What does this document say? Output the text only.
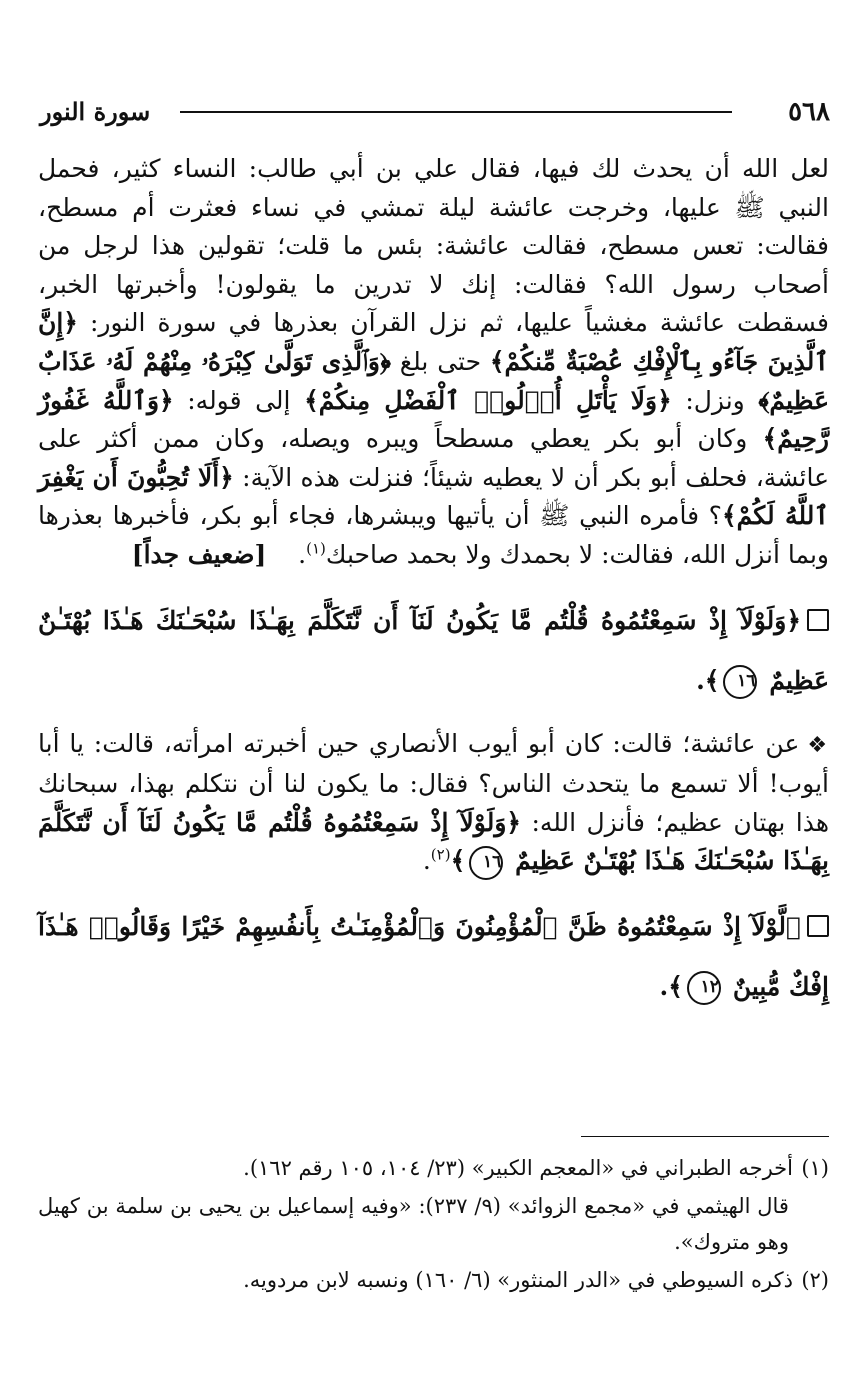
٥٦٨
سورة النور

لعل الله أن يحدث لك فيها، فقال علي بن أبي طالب: النساء كثير، فحمل النبي ﷺ عليها، وخرجت عائشة ليلة تمشي في نساء فعثرت أم مسطح، فقالت: تعس مسطح، فقالت عائشة: بئس ما قلت؛ تقولين هذا لرجل من أصحاب رسول الله؟ فقالت: إنك لا تدرين ما يقولون! وأخبرتها الخبر، فسقطت عائشة مغشياً عليها، ثم نزل القرآن بعذرها في سورة النور: ﴿إِنَّ ٱلَّذِينَ جَآءُو بِٱلْإِفْكِ عُصْبَةٌ مِّنكُمْ﴾ حتى بلغ ﴿وَٱلَّذِى تَوَلَّىٰ كِبْرَهُۥ مِنْهُمْ لَهُۥ عَذَابٌ عَظِيمٌ﴾ ونزل: ﴿وَلَا يَأْتَلِ أُو۟لُوا۟ ٱلْفَضْلِ مِنكُمْ﴾ إلى قوله: ﴿وَٱللَّهُ غَفُورٌ رَّحِيمٌ﴾ وكان أبو بكر يعطي مسطحاً ويبره ويصله، وكان ممن أكثر على عائشة، فحلف أبو بكر أن لا يعطيه شيئاً؛ فنزلت هذه الآية: ﴿أَلَا تُحِبُّونَ أَن يَغْفِرَ ٱللَّهُ لَكُمْ﴾؟ فأمره النبي ﷺ أن يأتيها ويبشرها، فجاء أبو بكر، فأخبرها بعذرها وبما أنزل الله، فقالت: لا بحمدك ولا بحمد صاحبك$^{(١)}$.    [ضعيف جداً]

﴿وَلَوْلَآ إِذْ سَمِعْتُمُوهُ قُلْتُم مَّا يَكُونُ لَنَآ أَن نَّتَكَلَّمَ بِهَـٰذَا سُبْحَـٰنَكَ هَـٰذَا بُهْتَـٰنٌ عَظِيمٌ ١٦﴾.

❖عن عائشة؛ قالت: كان أبو أيوب الأنصاري حين أخبرته امرأته، قالت: يا أبا أيوب! ألا تسمع ما يتحدث الناس؟ فقال: ما يكون لنا أن نتكلم بهذا، سبحانك هذا بهتان عظيم؛ فأنزل الله: ﴿وَلَوْلَآ إِذْ سَمِعْتُمُوهُ قُلْتُم مَّا يَكُونُ لَنَآ أَن نَّتَكَلَّمَ بِهَـٰذَا سُبْحَـٰنَكَ هَـٰذَا بُهْتَـٰنٌ عَظِيمٌ ١٦﴾$^{(٢)}$.

﴿لَّوْلَآ إِذْ سَمِعْتُمُوهُ ظَنَّ ٱلْمُؤْمِنُونَ وَٱلْمُؤْمِنَـٰتُ بِأَنفُسِهِمْ خَيْرًا وَقَالُوا۟ هَـٰذَآ إِفْكٌ مُّبِينٌ ١٢﴾.

(١)أخرجه الطبراني في «المعجم الكبير» (٢٣/ ١٠٤، ١٠٥ رقم ١٦٢).

قال الهيثمي في «مجمع الزوائد» (٩/ ٢٣٧): «وفيه إسماعيل بن يحيى بن سلمة بن كهيل وهو متروك».

(٢)ذكره السيوطي في «الدر المنثور» (٦/ ١٦٠) ونسبه لابن مردويه.
